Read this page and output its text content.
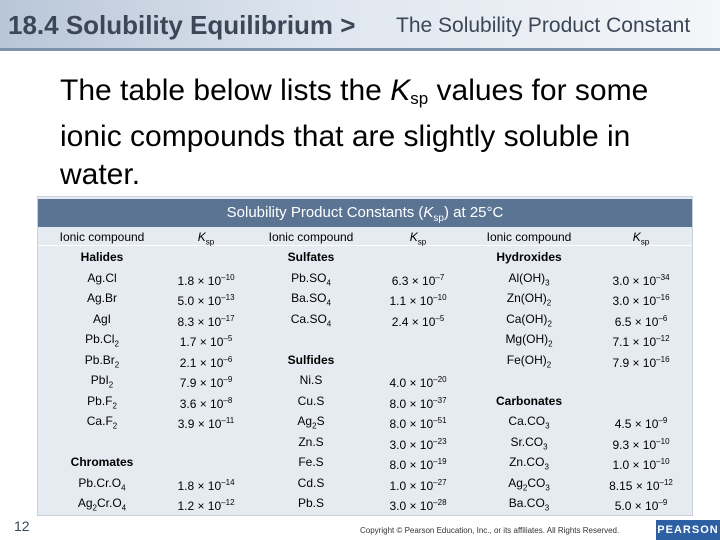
18.4 Solubility Equilibrium > The Solubility Product Constant
The table below lists the $K_{sp}$ values for some ionic compounds that are slightly soluble in water.
Solubility Product Constants $(K_{sp})$ at 25°C
Ionic compound
Halides
Ag.Cl
Ag.Br
AgI
$Pb.Cl_2$
$Pb.Br_2$
PbI$_2$
$Pb.F_2$
$Ca.F_2$
Chromates
$Pb.Cr.O_4$
$Ag_2Cr.O_4$
$K_{sp}$
$1.8 \times 10^{-10}$
$5.0 \times 10^{-13}$
$8.3 \times 10^{-17}$
$1.7 \times 10^{-5}$
$2.1 \times 10^{-6}$
$7.9 \times 10^{-9}$
$3.6 \times 10^{-8}$
$3.9 \times 10^{-11}$
$1.8 \times 10^{-14}$
$1.2 \times 10^{-12}$
Ionic compound
Sulfates
$Pb.SO_4$
$Ba.SO_4$
$Ca.SO_4$
Sulfides
Ni.S
Cu.S
$Ag_2S$
Zn.S
Fe.S
Cd.S
Pb.S
$K_{sp}$
$6.3 \times 10^{-7}$
$1.1 \times 10^{-10}$
$2.4 \times 10^{-5}$
$4.0 \times 10^{-20}$
$8.0 \times 10^{-37}$
$8.0 \times 10^{-51}$
$3.0 \times 10^{-23}$
$8.0 \times 10^{-19}$
$1.0 \times 10^{-27}$
$3.0 \times 10^{-28}$
Ionic compound
Hydroxides
$Al(OH)_3$
$Zn(OH)_2$
$Ca(OH)_2$
$Mg(OH)_2$
$Fe(OH)_2$
Carbonates
$Ca.CO_3$
$Sr.CO_3$
$Zn.CO_3$
$Ag_2CO_3$
$Ba.CO_3$
$K_{sp}$
$3.0 \times 10^{-34}$
$3.0 \times 10^{-16}$
$6.5 \times 10^{-6}$
$7.1 \times 10^{-12}$
$7.9 \times 10^{-16}$
$4.5 \times 10^{-9}$
$9.3 \times 10^{-10}$
$1.0 \times 10^{-10}$
$8.15 \times 10^{-12}$
$5.0 \times 10^{-9}$
12	Copyright © Pearson Education, Inc., or its affiliates. All Rights Reserved.	PEARSON
